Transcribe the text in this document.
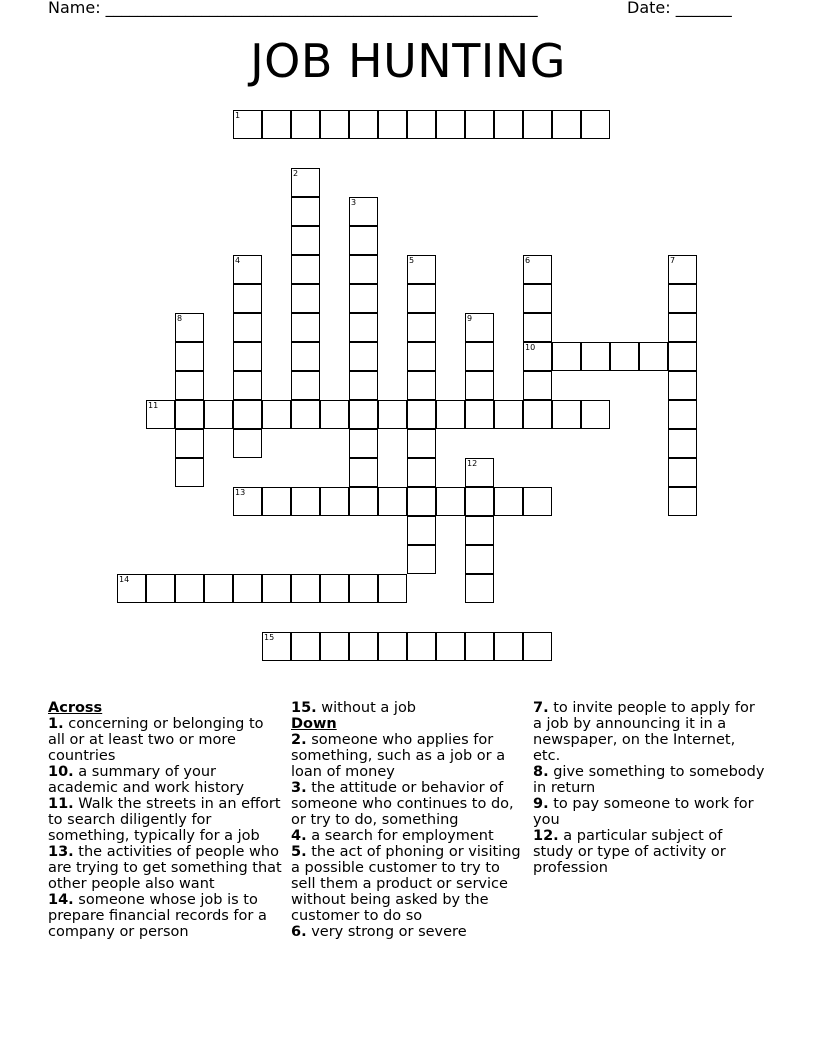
Name: ______________________________________________________	Date: _______
JOB HUNTING
1
2
3
4	5	6	7
8	9
10
11
12
13
14
15
Across
1. concerning or belonging to all or at least two or more countries
10. a summary of your academic and work history
11. Walk the streets in an effort to search diligently for something, typically for a job
13. the activities of people who are trying to get something that other people also want
14. someone whose job is to prepare financial records for a company or person
15. without a job
Down
2. someone who applies for something, such as a job or a loan of money
3. the attitude or behavior of someone who continues to do, or try to do, something
4. a search for employment
5. the act of phoning or visiting a possible customer to try to sell them a product or service without being asked by the customer to do so
6. very strong or severe
7. to invite people to apply for a job by announcing it in a newspaper, on the Internet, etc.
8. give something to somebody in return
9. to pay someone to work for you
12. a particular subject of study or type of activity or profession
